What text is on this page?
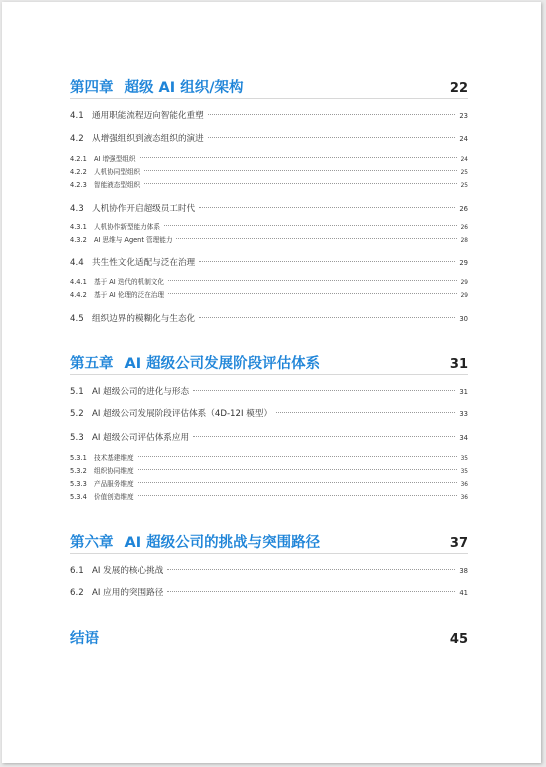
第四章 超级 AI 组织/架构	22
4.1 通用职能流程迈向智能化重塑	23
4.2 从增强组织到液态组织的演进	24
4.2.1	AI 增强型组织	24
4.2.2	人机协同型组织	25
4.2.3	智能液态型组织	25
4.3 人机协作开启超级员工时代	26
4.3.1	人机协作新型能力体系	26
4.3.2	AI 思维与 Agent 管理能力	28
4.4 共生性文化适配与泛在治理	29
4.4.1	基于 AI 迭代的机制文化	29
4.4.2	基于 AI 伦理的泛在治理	29
4.5 组织边界的模糊化与生态化	30
第五章 AI 超级公司发展阶段评估体系	31
5.1 AI 超级公司的进化与形态	31
5.2 AI 超级公司发展阶段评估体系（4D-12I 模型）	33
5.3 AI 超级公司评估体系应用	34
5.3.1	技术基建维度	35
5.3.2	组织协同维度	35
5.3.3	产品服务维度	36
5.3.4	价值创造维度	36
第六章 AI 超级公司的挑战与突围路径	37
6.1 AI 发展的核心挑战	38
6.2 AI 应用的突围路径	41
结语	45
